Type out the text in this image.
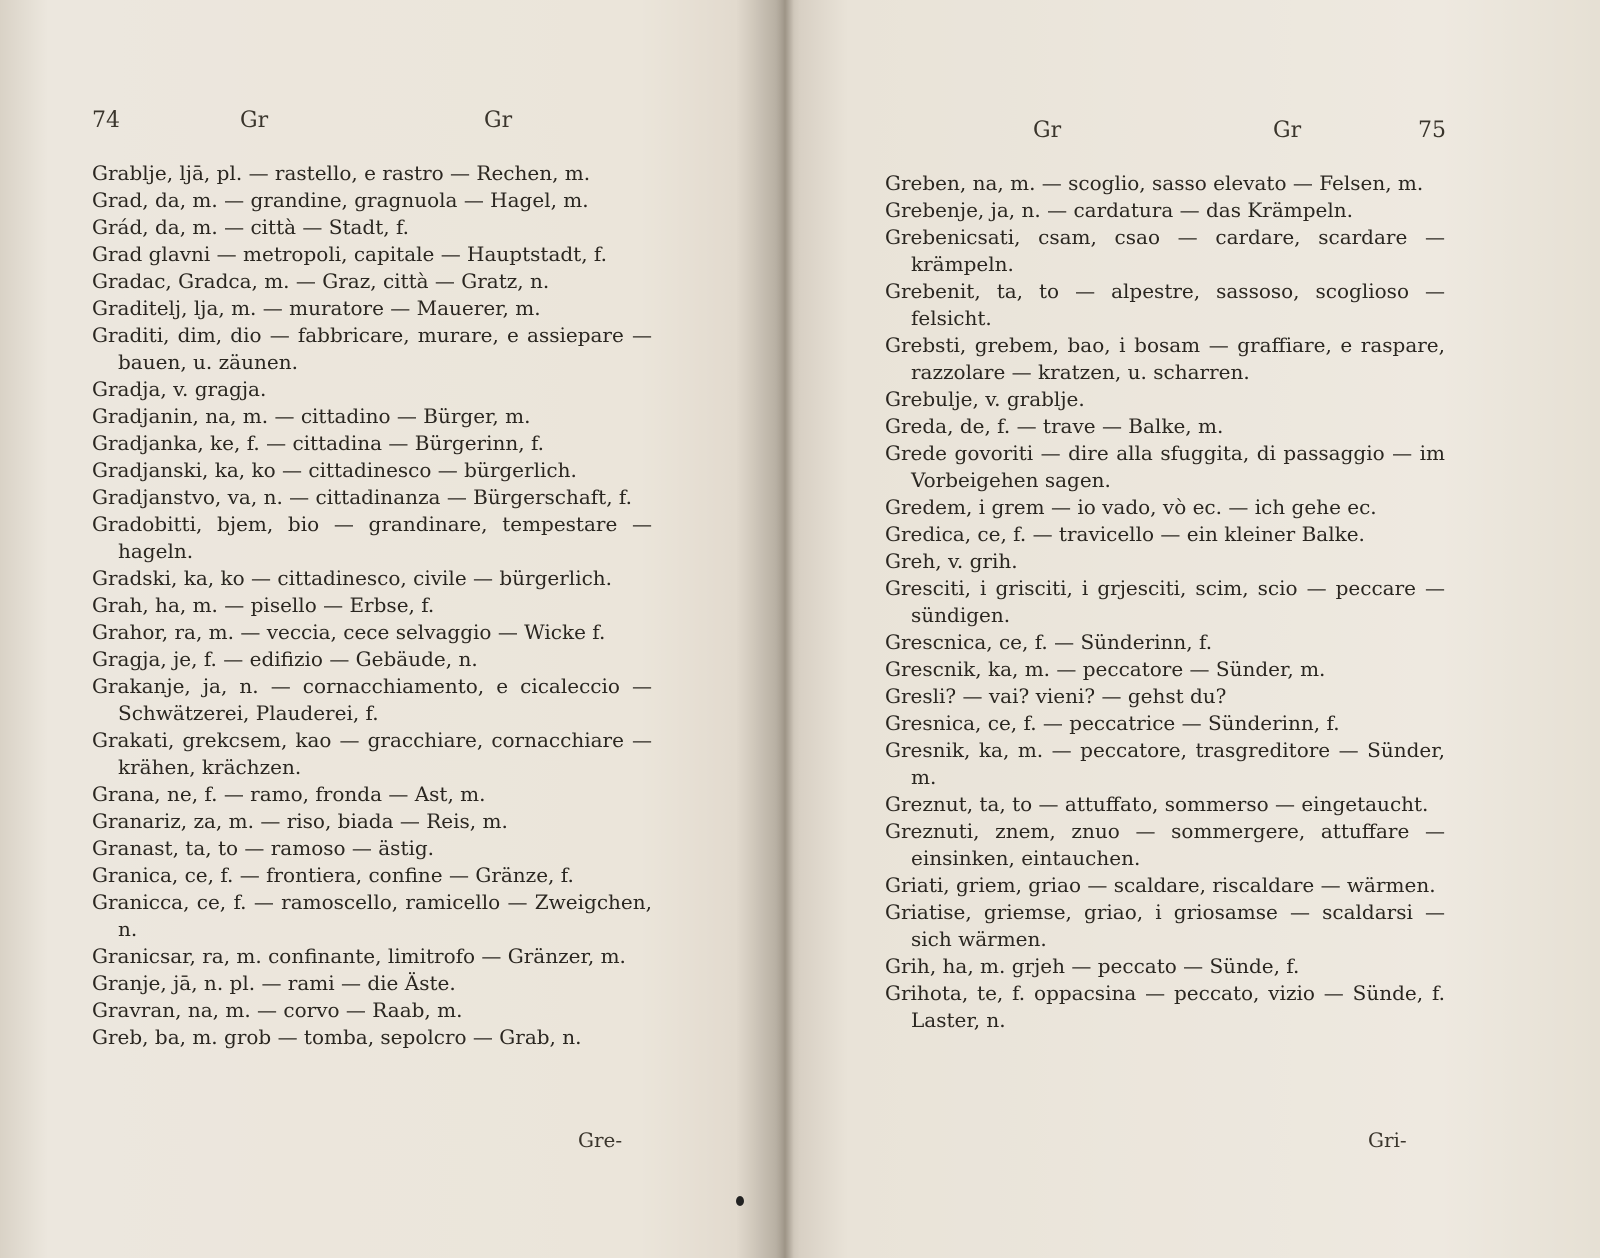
74	Gr	Gr
Grablje, ljā, pl. — rastello, e rastro — Rechen, m.
Grad, da, m. — grandine, gragnuola — Hagel, m.
Grád, da, m. — città — Stadt, f.
Grad glavni — metropoli, capitale — Hauptstadt, f.
Gradac, Gradca, m. — Graz, città — Gratz, n.
Graditelj, lja, m. — muratore — Mauerer, m.
Graditi, dim, dio — fabbricare, murare, e assiepare — bauen, u. zäunen.
Gradja, v. gragja.
Gradjanin, na, m. — cittadino — Bürger, m.
Gradjanka, ke, f. — cittadina — Bürgerinn, f.
Gradjanski, ka, ko — cittadinesco — bürgerlich.
Gradjanstvo, va, n. — cittadinanza — Bürgerschaft, f.
Gradobitti, bjem, bio — grandinare, tempestare — hageln.
Gradski, ka, ko — cittadinesco, civile — bürgerlich.
Grah, ha, m. — pisello — Erbse, f.
Grahor, ra, m. — veccia, cece selvaggio — Wicke f.
Gragja, je, f. — edifizio — Gebäude, n.
Grakanje, ja, n. — cornacchiamento, e cicaleccio — Schwätzerei, Plauderei, f.
Grakati, grekcsem, kao — gracchiare, cornacchiare — krähen, krächzen.
Grana, ne, f. — ramo, fronda — Ast, m.
Granariz, za, m. — riso, biada — Reis, m.
Granast, ta, to — ramoso — ästig.
Granica, ce, f. — frontiera, confine — Gränze, f.
Granicca, ce, f. — ramoscello, ramicello — Zweigchen, n.
Granicsar, ra, m. confinante, limitrofo — Gränzer, m.
Granje, jā, n. pl. — rami — die Äste.
Gravran, na, m. — corvo — Raab, m.
Greb, ba, m. grob — tomba, sepolcro — Grab, n.
Gre-
Gr	Gr	75
Greben, na, m. — scoglio, sasso elevato — Felsen, m.
Grebenje, ja, n. — cardatura — das Krämpeln.
Grebenicsati, csam, csao — cardare, scardare — krämpeln.
Grebenit, ta, to — alpestre, sassoso, scoglioso — felsicht.
Grebsti, grebem, bao, i bosam — graffiare, e raspare, razzolare — kratzen, u. scharren.
Grebulje, v. grablje.
Greda, de, f. — trave — Balke, m.
Grede govoriti — dire alla sfuggita, di passaggio — im Vorbeigehen sagen.
Gredem, i grem — io vado, vò ec. — ich gehe ec.
Gredica, ce, f. — travicello — ein kleiner Balke.
Greh, v. grih.
Gresciti, i grisciti, i grjesciti, scim, scio — peccare — sündigen.
Grescnica, ce, f. — Sünderinn, f.
Grescnik, ka, m. — peccatore — Sünder, m.
Gresli? — vai? vieni? — gehst du?
Gresnica, ce, f. — peccatrice — Sünderinn, f.
Gresnik, ka, m. — peccatore, trasgreditore — Sünder, m.
Greznut, ta, to — attuffato, sommerso — eingetaucht.
Greznuti, znem, znuo — sommergere, attuffare — einsinken, eintauchen.
Griati, griem, griao — scaldare, riscaldare — wärmen.
Griatise, griemse, griao, i griosamse — scaldarsi — sich wärmen.
Grih, ha, m. grjeh — peccato — Sünde, f.
Grihota, te, f. oppacsina — peccato, vizio — Sünde, f. Laster, n.
Gri-
